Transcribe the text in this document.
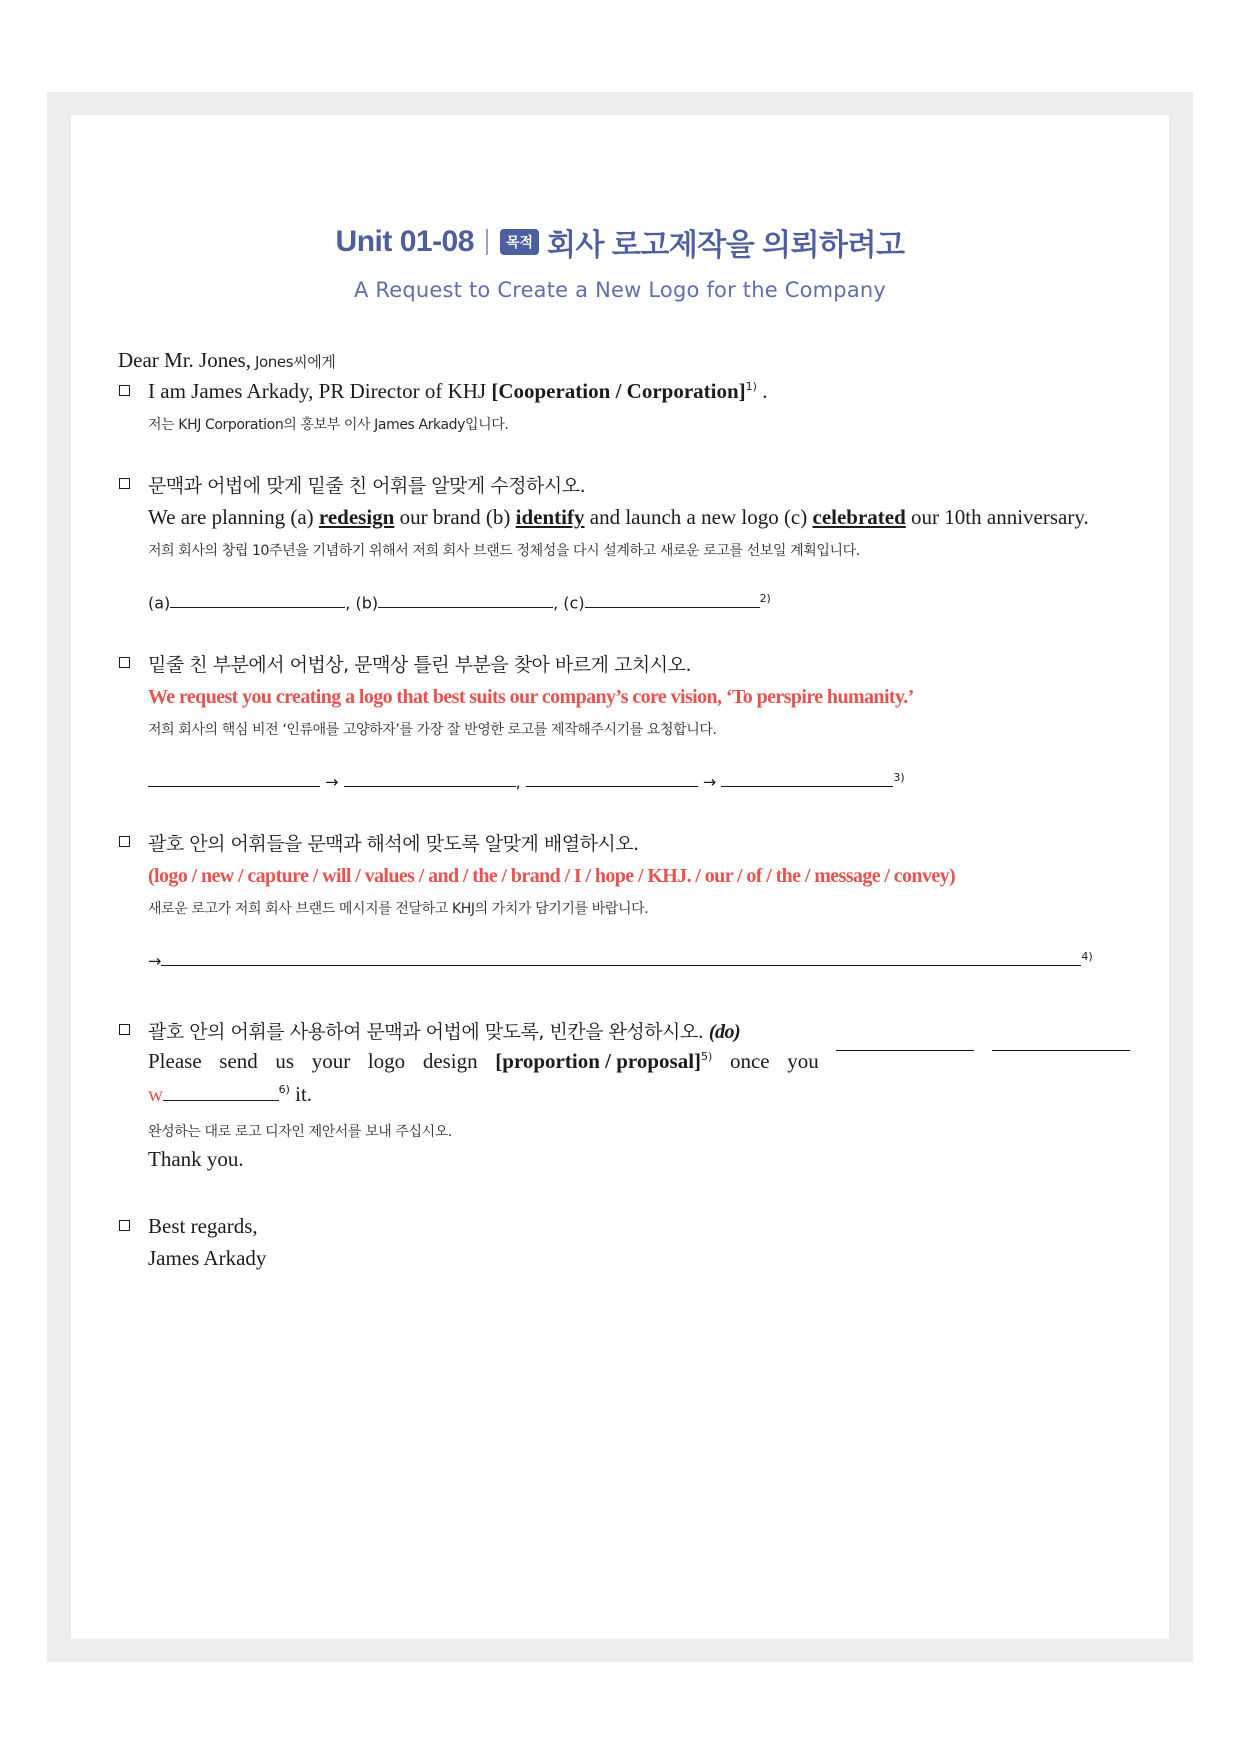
Unit 01-08	목적 회사 로고제작을 의뢰하려고
A Request to Create a New Logo for the Company
Dear Mr. Jones, Jones씨에게
I am James Arkady, PR Director of KHJ [Cooperation / Corporation]$^{1)}$ .
저는 KHJ Corporation의 홍보부 이사 James Arkady입니다.
문맥과 어법에 맞게 밑줄 친 어휘를 알맞게 수정하시오.
We are planning (a) redesign our brand (b) identify and launch a new logo (c) celebrated our 10th anniversary.
저희 회사의 창립 10주년을 기념하기 위해서 저희 회사 브랜드 정체성을 다시 설계하고 새로운 로고를 선보일 계획입니다.
(a)	, (b)	, (c)	$^{2)}$
밑줄 친 부분에서 어법상, 문맥상 틀린 부분을 찾아 바르게 고치시오.
We request you creating a logo that best suits our company’s core vision, ‘To perspire humanity.’
저희 회사의 핵심 비전 ‘인류애를 고양하자’를 가장 잘 반영한 로고를 제작해주시기를 요청합니다.
→	,	→	$^{3)}$
괄호 안의 어휘들을 문맥과 해석에 맞도록 알맞게 배열하시오.
(logo / new / capture / will / values / and / the / brand / I / hope / KHJ. / our / of / the / message / convey)
새로운 로고가 저희 회사 브랜드 메시지를 전달하고 KHJ의 가치가 담기기를 바랍니다.
→	$^{4)}$
괄호 안의 어휘를 사용하여 문맥과 어법에 맞도록, 빈칸을 완성하시오. (do)
Please send us your logo design [proportion / proposal]$^{5)}$ once you
w	$^{6)}$ it.
완성하는 대로 로고 디자인 제안서를 보내 주십시오.
Thank you.
Best regards,
James Arkady
